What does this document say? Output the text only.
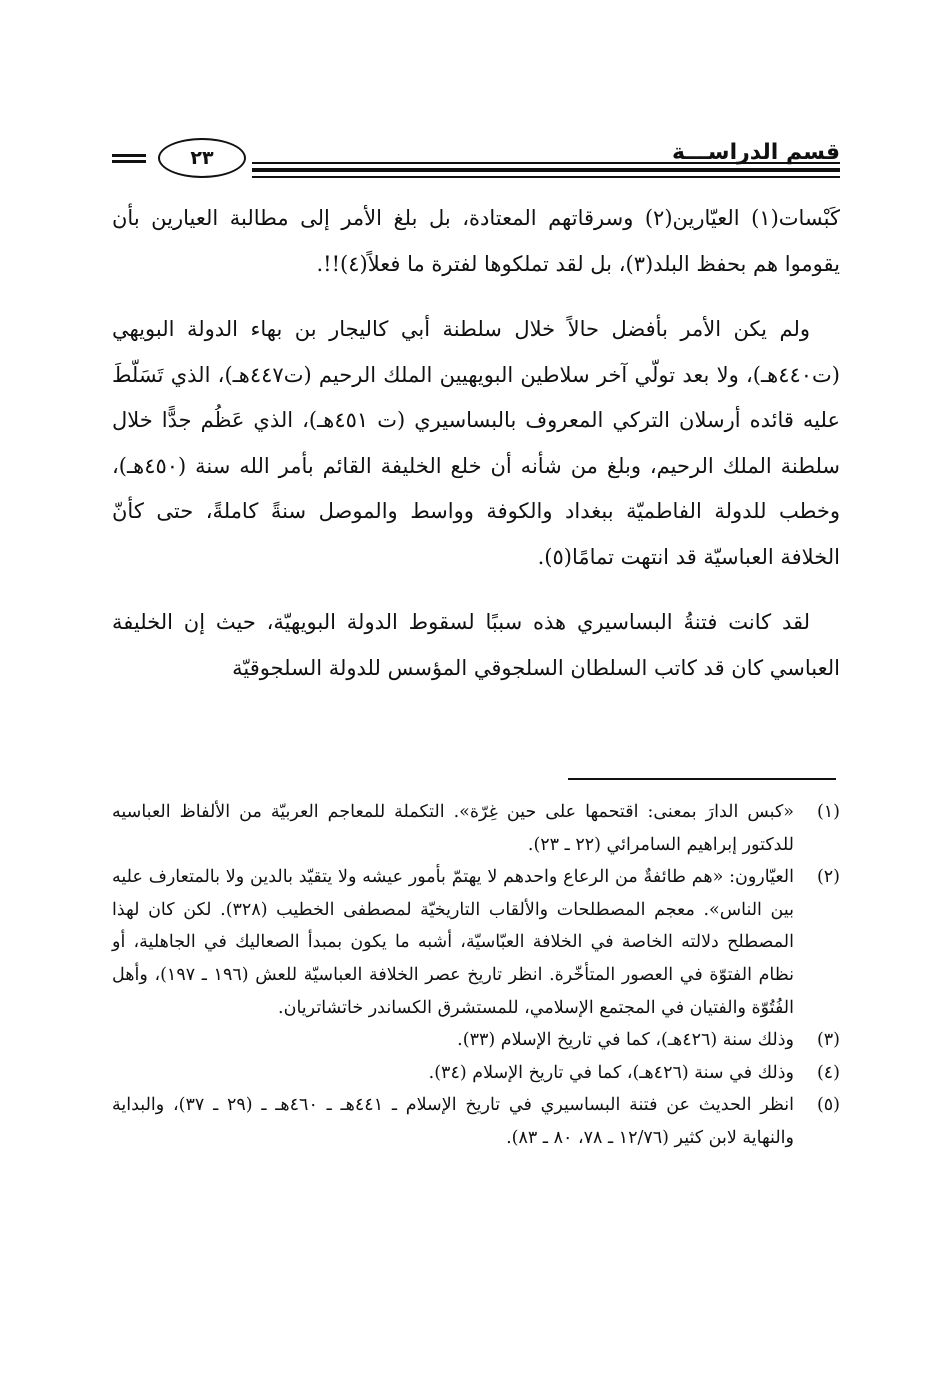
٢٣	قسم الدراســـة

كَبْسات(١) العيّارين(٢) وسرقاتهم المعتادة، بل بلغ الأمر إلى مطالبة العيارين بأن يقوموا هم بحفظ البلد(٣)، بل لقد تملكوها لفترة ما فعلاً(٤)!!.

ولم يكن الأمر بأفضل حالاً خلال سلطنة أبي كاليجار بن بهاء الدولة البويهي (ت٤٤٠هـ)، ولا بعد تولّي آخر سلاطين البويهيين الملك الرحيم (ت٤٤٧هـ)، الذي تَسَلّطَ عليه قائده أرسلان التركي المعروف بالبساسيري (ت ٤٥١هـ)، الذي عَظُم جدًّا خلال سلطنة الملك الرحيم، وبلغ من شأنه أن خلع الخليفة القائم بأمر الله سنة (٤٥٠هـ)، وخطب للدولة الفاطميّة ببغداد والكوفة وواسط والموصل سنةً كاملةً، حتى كأنّ الخلافة العباسيّة قد انتهت تمامًا(٥).

لقد كانت فتنةُ البساسيري هذه سببًا لسقوط الدولة البويهيّة، حيث إن الخليفة العباسي كان قد كاتب السلطان السلجوقي المؤسس للدولة السلجوقيّة

(١)
«كبس الدارَ بمعنى: اقتحمها على حين غِرّة». التكملة للمعاجم العربيّة من الألفاظ العباسيه للدكتور إبراهيم السامرائي (٢٢ ـ ٢٣).
(٢)
العيّارون: «هم طائفةٌ من الرعاع واحدهم لا يهتمّ بأمور عيشه ولا يتقيّد بالدين ولا بالمتعارف عليه بين الناس». معجم المصطلحات والألقاب التاريخيّة لمصطفى الخطيب (٣٢٨). لكن كان لهذا المصطلح دلالته الخاصة في الخلافة العبّاسيّة، أشبه ما يكون بمبدأ الصعاليك في الجاهلية، أو نظام الفتوّة في العصور المتأخّرة. انظر تاريخ عصر الخلافة العباسيّة للعش (١٩٦ ـ ١٩٧)، وأهل الفُتُوّة والفتيان في المجتمع الإسلامي، للمستشرق الكساندر خاتشاتريان.
(٣)
وذلك سنة (٤٢٦هـ)، كما في تاريخ الإسلام (٣٣).
(٤)
وذلك في سنة (٤٢٦هـ)، كما في تاريخ الإسلام (٣٤).
(٥)
انظر الحديث عن فتنة البساسيري في تاريخ الإسلام ـ ٤٤١هـ ـ ٤٦٠هـ ـ (٢٩ ـ ٣٧)، والبداية والنهاية لابن كثير (١٢/٧٦ ـ ٧٨، ٨٠ ـ ٨٣).
